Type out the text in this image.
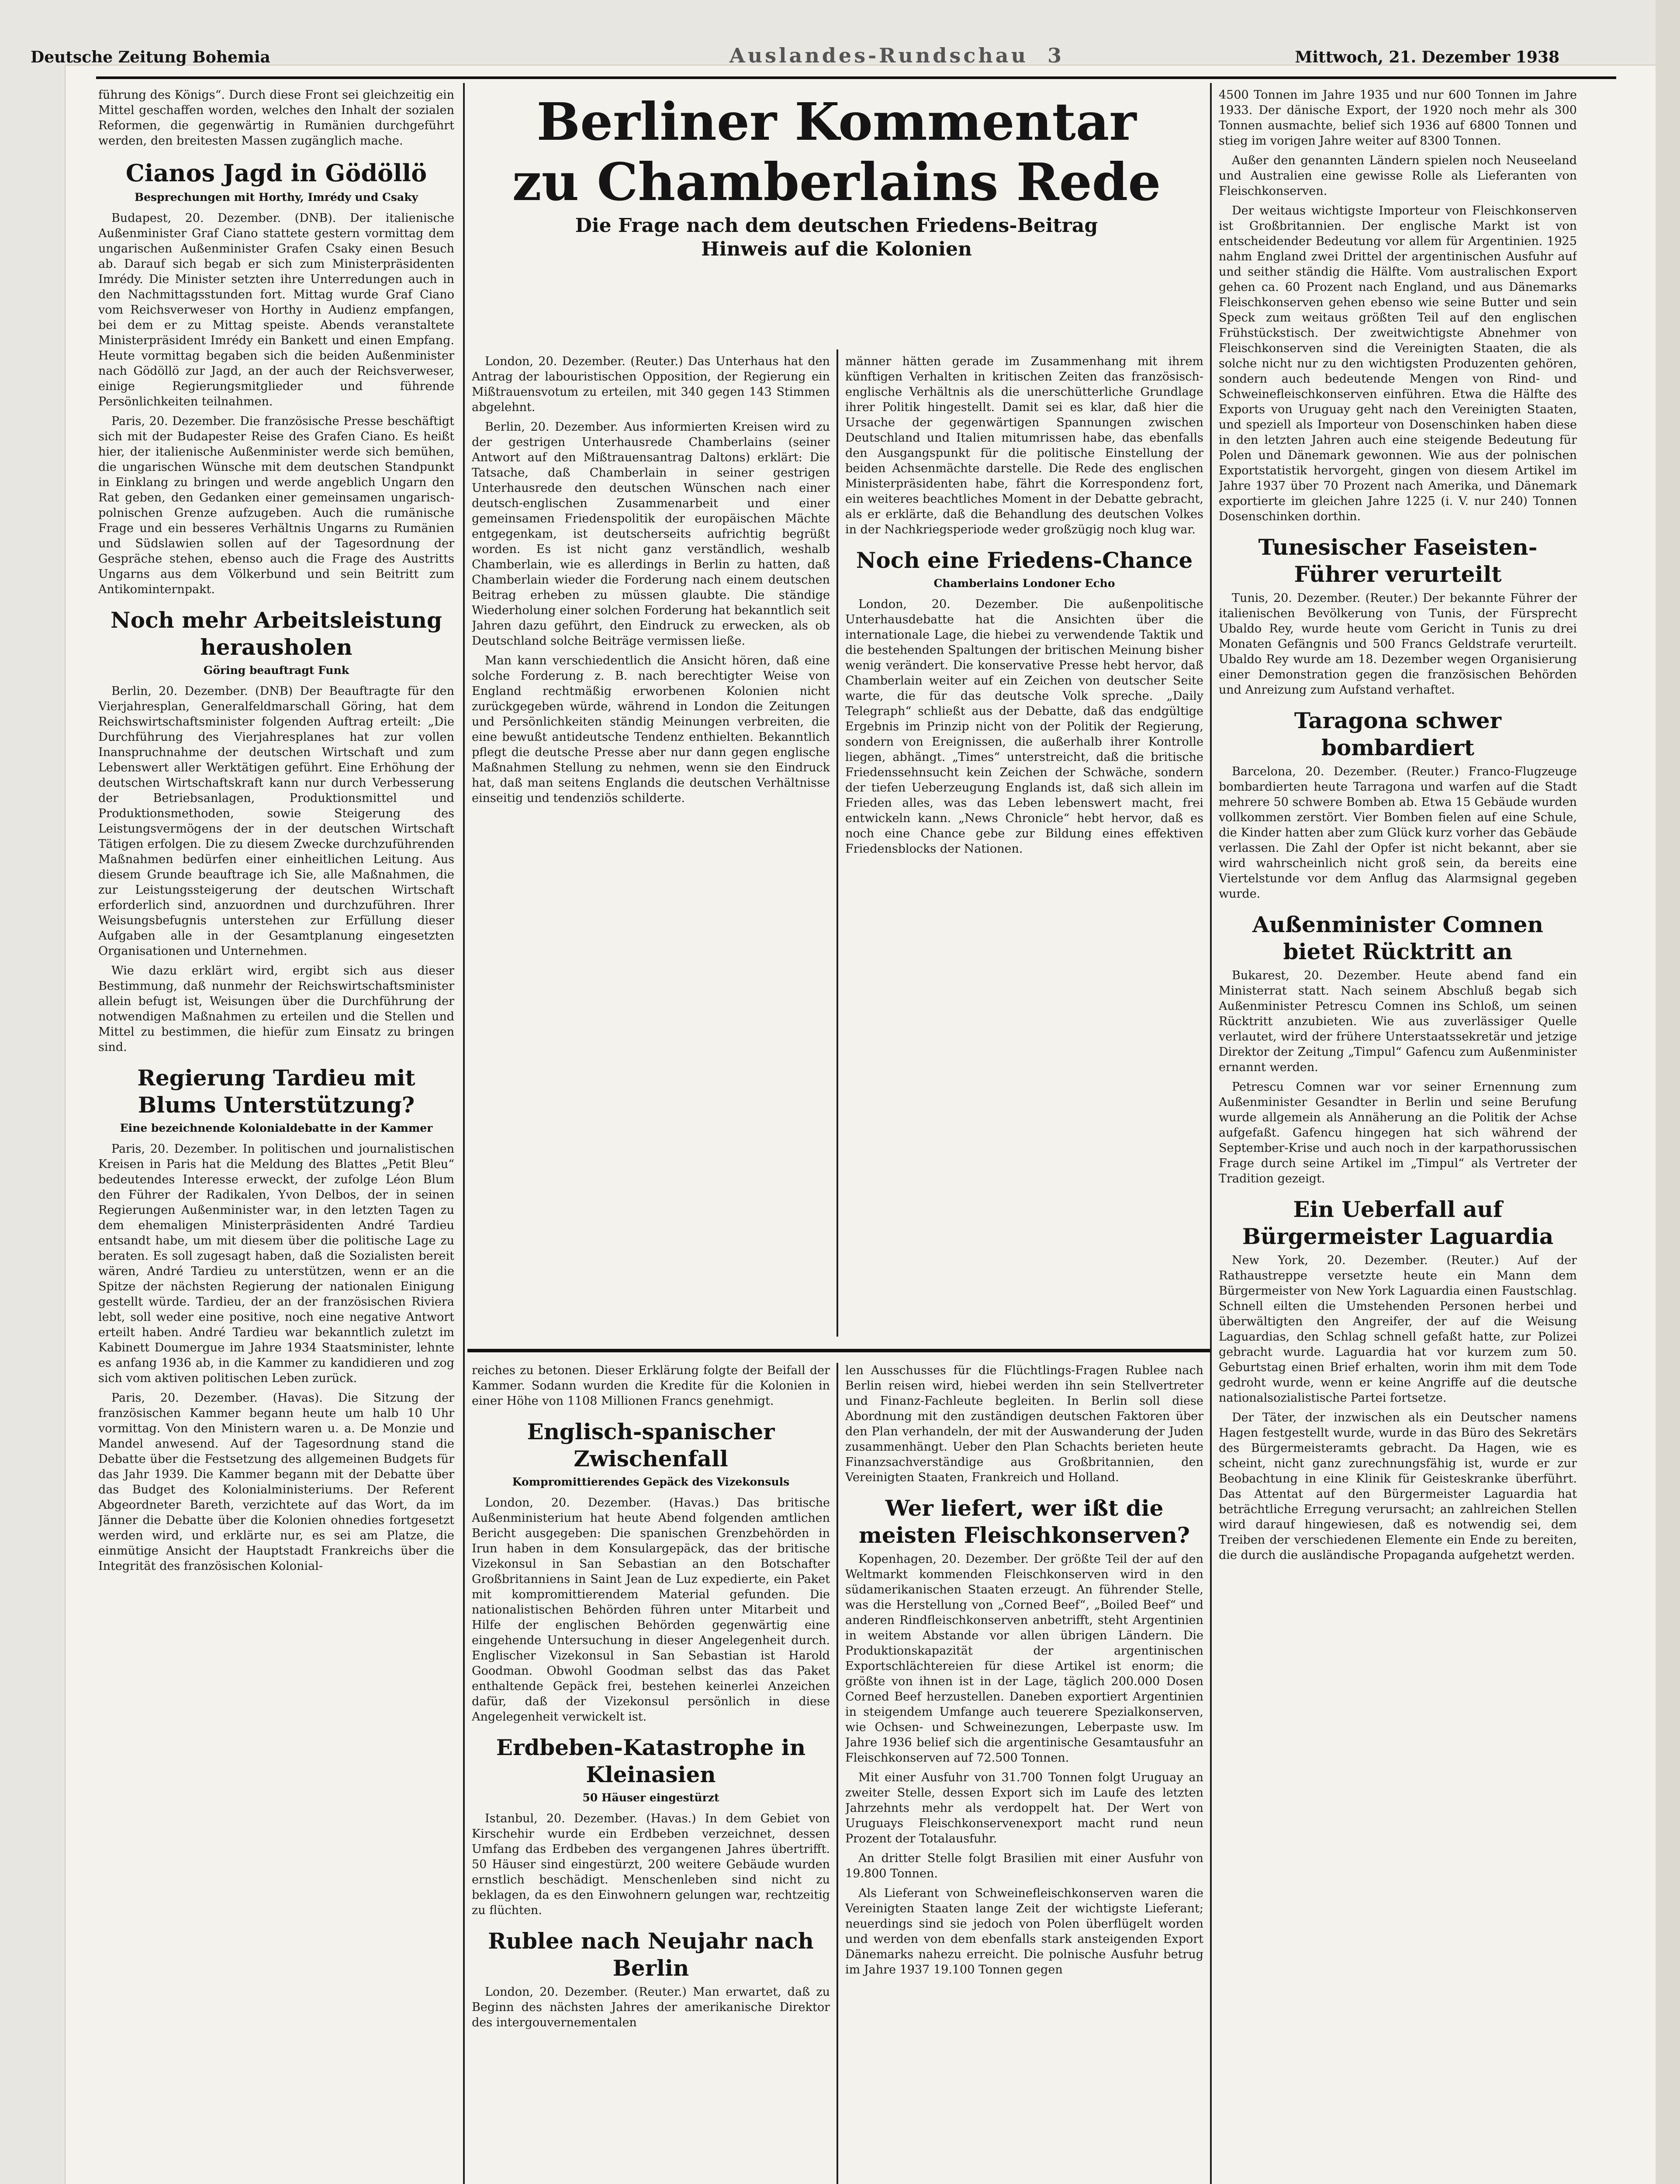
Deutsche Zeitung Bohemia	Auslandes-Rundschau 3	Mittwoch, 21. Dezember 1938
Berliner Kommentar
zu Chamberlains Rede
Die Frage nach dem deutschen Friedens-Beitrag
Hinweis auf die Kolonien

führung des Königs“. Durch diese Front sei gleichzeitig ein Mittel geschaffen worden, welches den Inhalt der sozialen Reformen, die gegenwärtig in Rumänien durchgeführt werden, den breitesten Massen zugänglich mache.

Cianos Jagd in Gödöllö
Besprechungen mit Horthy, Imrédy und Csaky

Budapest, 20. Dezember. (DNB). Der italienische Außenminister Graf Ciano stattete gestern vormittag dem ungarischen Außenminister Grafen Csaky einen Besuch ab. Darauf sich begab er sich zum Ministerpräsidenten Imrédy. Die Minister setzten ihre Unterredungen auch in den Nachmittagsstunden fort. Mittag wurde Graf Ciano vom Reichsverweser von Horthy in Audienz empfangen, bei dem er zu Mittag speiste. Abends veranstaltete Ministerpräsident Imrédy ein Bankett und einen Empfang. Heute vormittag begaben sich die beiden Außenminister nach Gödöllö zur Jagd, an der auch der Reichsverweser, einige Regierungsmitglieder und führende Persönlichkeiten teilnahmen.

Paris, 20. Dezember. Die französische Presse beschäftigt sich mit der Budapester Reise des Grafen Ciano. Es heißt hier, der italienische Außenminister werde sich bemühen, die ungarischen Wünsche mit dem deutschen Standpunkt in Einklang zu bringen und werde angeblich Ungarn den Rat geben, den Gedanken einer gemeinsamen ungarisch-polnischen Grenze aufzugeben. Auch die rumänische Frage und ein besseres Verhältnis Ungarns zu Rumänien und Südslawien sollen auf der Tagesordnung der Gespräche stehen, ebenso auch die Frage des Austritts Ungarns aus dem Völkerbund und sein Beitritt zum Antikominternpakt.

Noch mehr Arbeitsleistung herausholen
Göring beauftragt Funk

Berlin, 20. Dezember. (DNB) Der Beauftragte für den Vierjahresplan, Generalfeldmarschall Göring, hat dem Reichswirtschaftsminister folgenden Auftrag erteilt: „Die Durchführung des Vierjahresplanes hat zur vollen Inanspruchnahme der deutschen Wirtschaft und zum Lebenswert aller Werktätigen geführt. Eine Erhöhung der deutschen Wirtschaftskraft kann nur durch Verbesserung der Betriebsanlagen, Produktionsmittel und Produktionsmethoden, sowie Steigerung des Leistungsvermögens der in der deutschen Wirtschaft Tätigen erfolgen. Die zu diesem Zwecke durchzuführenden Maßnahmen bedürfen einer einheitlichen Leitung. Aus diesem Grunde beauftrage ich Sie, alle Maßnahmen, die zur Leistungssteigerung der deutschen Wirtschaft erforderlich sind, anzuordnen und durchzuführen. Ihrer Weisungsbefugnis unterstehen zur Erfüllung dieser Aufgaben alle in der Gesamtplanung eingesetzten Organisationen und Unternehmen.

Wie dazu erklärt wird, ergibt sich aus dieser Bestimmung, daß nunmehr der Reichswirtschaftsminister allein befugt ist, Weisungen über die Durchführung der notwendigen Maßnahmen zu erteilen und die Stellen und Mittel zu bestimmen, die hiefür zum Einsatz zu bringen sind.

Regierung Tardieu mit Blums Unterstützung?
Eine bezeichnende Kolonialdebatte in der Kammer

Paris, 20. Dezember. In politischen und journalistischen Kreisen in Paris hat die Meldung des Blattes „Petit Bleu“ bedeutendes Interesse erweckt, der zufolge Léon Blum den Führer der Radikalen, Yvon Delbos, der in seinen Regierungen Außenminister war, in den letzten Tagen zu dem ehemaligen Ministerpräsidenten André Tardieu entsandt habe, um mit diesem über die politische Lage zu beraten. Es soll zugesagt haben, daß die Sozialisten bereit wären, André Tardieu zu unterstützen, wenn er an die Spitze der nächsten Regierung der nationalen Einigung gestellt würde. Tardieu, der an der französischen Riviera lebt, soll weder eine positive, noch eine negative Antwort erteilt haben. André Tardieu war bekanntlich zuletzt im Kabinett Doumergue im Jahre 1934 Staatsminister, lehnte es anfang 1936 ab, in die Kammer zu kandidieren und zog sich vom aktiven politischen Leben zurück.

Paris, 20. Dezember. (Havas). Die Sitzung der französischen Kammer begann heute um halb 10 Uhr vormittag. Von den Ministern waren u. a. De Monzie und Mandel anwesend. Auf der Tagesordnung stand die Debatte über die Festsetzung des allgemeinen Budgets für das Jahr 1939. Die Kammer begann mit der Debatte über das Budget des Kolonialministeriums. Der Referent Abgeordneter Bareth, verzichtete auf das Wort, da im Jänner die Debatte über die Kolonien ohnedies fortgesetzt werden wird, und erklärte nur, es sei am Platze, die einmütige Ansicht der Hauptstadt Frankreichs über die Integrität des französischen Kolonial-

London, 20. Dezember. (Reuter.) Das Unterhaus hat den Antrag der labouristischen Opposition, der Regierung ein Mißtrauensvotum zu erteilen, mit 340 gegen 143 Stimmen abgelehnt.

Berlin, 20. Dezember. Aus informierten Kreisen wird zu der gestrigen Unterhausrede Chamberlains (seiner Antwort auf den Mißtrauensantrag Daltons) erklärt: Die Tatsache, daß Chamberlain in seiner gestrigen Unterhausrede den deutschen Wünschen nach einer deutsch-englischen Zusammenarbeit und einer gemeinsamen Friedenspolitik der europäischen Mächte entgegenkam, ist deutscherseits aufrichtig begrüßt worden. Es ist nicht ganz verständlich, weshalb Chamberlain, wie es allerdings in Berlin zu hatten, daß Chamberlain wieder die Forderung nach einem deutschen Beitrag erheben zu müssen glaubte. Die ständige Wiederholung einer solchen Forderung hat bekanntlich seit Jahren dazu geführt, den Eindruck zu erwecken, als ob Deutschland solche Beiträge vermissen ließe.

Man kann verschiedentlich die Ansicht hören, daß eine solche Forderung z. B. nach berechtigter Weise von England rechtmäßig erworbenen Kolonien nicht zurückgegeben würde, während in London die Zeitungen und Persönlichkeiten ständig Meinungen verbreiten, die eine bewußt antideutsche Tendenz enthielten. Bekanntlich pflegt die deutsche Presse aber nur dann gegen englische Maßnahmen Stellung zu nehmen, wenn sie den Eindruck hat, daß man seitens Englands die deutschen Verhältnisse einseitig und tendenziös schilderte.

männer hätten gerade im Zusammenhang mit ihrem künftigen Verhalten in kritischen Zeiten das französisch-englische Verhältnis als die unerschütterliche Grundlage ihrer Politik hingestellt. Damit sei es klar, daß hier die Ursache der gegenwärtigen Spannungen zwischen Deutschland und Italien mitumrissen habe, das ebenfalls den Ausgangspunkt für die politische Einstellung der beiden Achsenmächte darstelle. Die Rede des englischen Ministerpräsidenten habe, fährt die Korrespondenz fort, ein weiteres beachtliches Moment in der Debatte gebracht, als er erklärte, daß die Behandlung des deutschen Volkes in der Nachkriegsperiode weder großzügig noch klug war.

Noch eine Friedens-Chance
Chamberlains Londoner Echo

London, 20. Dezember. Die außenpolitische Unterhausdebatte hat die Ansichten über die internationale Lage, die hiebei zu verwendende Taktik und die bestehenden Spaltungen der britischen Meinung bisher wenig verändert. Die konservative Presse hebt hervor, daß Chamberlain weiter auf ein Zeichen von deutscher Seite warte, die für das deutsche Volk spreche. „Daily Telegraph“ schließt aus der Debatte, daß das endgültige Ergebnis im Prinzip nicht von der Politik der Regierung, sondern von Ereignissen, die außerhalb ihrer Kontrolle liegen, abhängt. „Times“ unterstreicht, daß die britische Friedenssehnsucht kein Zeichen der Schwäche, sondern der tiefen Ueberzeugung Englands ist, daß sich allein im Frieden alles, was das Leben lebenswert macht, frei entwickeln kann. „News Chronicle“ hebt hervor, daß es noch eine Chance gebe zur Bildung eines effektiven Friedensblocks der Nationen.

reiches zu betonen. Dieser Erklärung folgte der Beifall der Kammer. Sodann wurden die Kredite für die Kolonien in einer Höhe von 1108 Millionen Francs genehmigt.

Englisch-spanischer Zwischenfall
Kompromittierendes Gepäck des Vizekonsuls

London, 20. Dezember. (Havas.) Das britische Außenministerium hat heute Abend folgenden amtlichen Bericht ausgegeben: Die spanischen Grenzbehörden in Irun haben in dem Konsulargepäck, das der britische Vizekonsul in San Sebastian an den Botschafter Großbritanniens in Saint Jean de Luz expedierte, ein Paket mit kompromittierendem Material gefunden. Die nationalistischen Behörden führen unter Mitarbeit und Hilfe der englischen Behörden gegenwärtig eine eingehende Untersuchung in dieser Angelegenheit durch. Englischer Vizekonsul in San Sebastian ist Harold Goodman. Obwohl Goodman selbst das das Paket enthaltende Gepäck frei, bestehen keinerlei Anzeichen dafür, daß der Vizekonsul persönlich in diese Angelegenheit verwickelt ist.

Erdbeben-Katastrophe in Kleinasien
50 Häuser eingestürzt

Istanbul, 20. Dezember. (Havas.) In dem Gebiet von Kirschehir wurde ein Erdbeben verzeichnet, dessen Umfang das Erdbeben des vergangenen Jahres übertrifft. 50 Häuser sind eingestürzt, 200 weitere Gebäude wurden ernstlich beschädigt. Menschenleben sind nicht zu beklagen, da es den Einwohnern gelungen war, rechtzeitig zu flüchten.

Rublee nach Neujahr nach Berlin

London, 20. Dezember. (Reuter.) Man erwartet, daß zu Beginn des nächsten Jahres der amerikanische Direktor des intergouvernementalen

len Ausschusses für die Flüchtlings-Fragen Rublee nach Berlin reisen wird, hiebei werden ihn sein Stellvertreter und Finanz-Fachleute begleiten. In Berlin soll diese Abordnung mit den zuständigen deutschen Faktoren über den Plan verhandeln, der mit der Auswanderung der Juden zusammenhängt. Ueber den Plan Schachts berieten heute Finanzsachverständige aus Großbritannien, den Vereinigten Staaten, Frankreich und Holland.

Wer liefert, wer ißt die meisten Fleischkonserven?

Kopenhagen, 20. Dezember. Der größte Teil der auf den Weltmarkt kommenden Fleischkonserven wird in den südamerikanischen Staaten erzeugt. An führender Stelle, was die Herstellung von „Corned Beef“, „Boiled Beef“ und anderen Rindfleischkonserven anbetrifft, steht Argentinien in weitem Abstande vor allen übrigen Ländern. Die Produktionskapazität der argentinischen Exportschlächtereien für diese Artikel ist enorm; die größte von ihnen ist in der Lage, täglich 200.000 Dosen Corned Beef herzustellen. Daneben exportiert Argentinien in steigendem Umfange auch teuerere Spezialkonserven, wie Ochsen- und Schweinezungen, Leberpaste usw. Im Jahre 1936 belief sich die argentinische Gesamtausfuhr an Fleischkonserven auf 72.500 Tonnen.

Mit einer Ausfuhr von 31.700 Tonnen folgt Uruguay an zweiter Stelle, dessen Export sich im Laufe des letzten Jahrzehnts mehr als verdoppelt hat. Der Wert von Uruguays Fleischkonservenexport macht rund neun Prozent der Totalausfuhr.

An dritter Stelle folgt Brasilien mit einer Ausfuhr von 19.800 Tonnen.

Als Lieferant von Schweinefleischkonserven waren die Vereinigten Staaten lange Zeit der wichtigste Lieferant; neuerdings sind sie jedoch von Polen überflügelt worden und werden von dem ebenfalls stark ansteigenden Export Dänemarks nahezu erreicht. Die polnische Ausfuhr betrug im Jahre 1937 19.100 Tonnen gegen

4500 Tonnen im Jahre 1935 und nur 600 Tonnen im Jahre 1933. Der dänische Export, der 1920 noch mehr als 300 Tonnen ausmachte, belief sich 1936 auf 6800 Tonnen und stieg im vorigen Jahre weiter auf 8300 Tonnen.

Außer den genannten Ländern spielen noch Neuseeland und Australien eine gewisse Rolle als Lieferanten von Fleischkonserven.

Der weitaus wichtigste Importeur von Fleischkonserven ist Großbritannien. Der englische Markt ist von entscheidender Bedeutung vor allem für Argentinien. 1925 nahm England zwei Drittel der argentinischen Ausfuhr auf und seither ständig die Hälfte. Vom australischen Export gehen ca. 60 Prozent nach England, und aus Dänemarks Fleischkonserven gehen ebenso wie seine Butter und sein Speck zum weitaus größten Teil auf den englischen Frühstückstisch. Der zweitwichtigste Abnehmer von Fleischkonserven sind die Vereinigten Staaten, die als solche nicht nur zu den wichtigsten Produzenten gehören, sondern auch bedeutende Mengen von Rind- und Schweinefleischkonserven einführen. Etwa die Hälfte des Exports von Uruguay geht nach den Vereinigten Staaten, und speziell als Importeur von Dosenschinken haben diese in den letzten Jahren auch eine steigende Bedeutung für Polen und Dänemark gewonnen. Wie aus der polnischen Exportstatistik hervorgeht, gingen von diesem Artikel im Jahre 1937 über 70 Prozent nach Amerika, und Dänemark exportierte im gleichen Jahre 1225 (i. V. nur 240) Tonnen Dosenschinken dorthin.

Tunesischer Faseisten-Führer verurteilt

Tunis, 20. Dezember. (Reuter.) Der bekannte Führer der italienischen Bevölkerung von Tunis, der Fürsprecht Ubaldo Rey, wurde heute vom Gericht in Tunis zu drei Monaten Gefängnis und 500 Francs Geldstrafe verurteilt. Ubaldo Rey wurde am 18. Dezember wegen Organisierung einer Demonstration gegen die französischen Behörden und Anreizung zum Aufstand verhaftet.

Taragona schwer bombardiert

Barcelona, 20. Dezember. (Reuter.) Franco-Flugzeuge bombardierten heute Tarragona und warfen auf die Stadt mehrere 50 schwere Bomben ab. Etwa 15 Gebäude wurden vollkommen zerstört. Vier Bomben fielen auf eine Schule, die Kinder hatten aber zum Glück kurz vorher das Gebäude verlassen. Die Zahl der Opfer ist nicht bekannt, aber sie wird wahrscheinlich nicht groß sein, da bereits eine Viertelstunde vor dem Anflug das Alarmsignal gegeben wurde.

Außenminister Comnen bietet Rücktritt an

Bukarest, 20. Dezember. Heute abend fand ein Ministerrat statt. Nach seinem Abschluß begab sich Außenminister Petrescu Comnen ins Schloß, um seinen Rücktritt anzubieten. Wie aus zuverlässiger Quelle verlautet, wird der frühere Unterstaatssekretär und jetzige Direktor der Zeitung „Timpul“ Gafencu zum Außenminister ernannt werden.

Petrescu Comnen war vor seiner Ernennung zum Außenminister Gesandter in Berlin und seine Berufung wurde allgemein als Annäherung an die Politik der Achse aufgefaßt. Gafencu hingegen hat sich während der September-Krise und auch noch in der karpathorussischen Frage durch seine Artikel im „Timpul“ als Vertreter der Tradition gezeigt.

Ein Ueberfall auf Bürgermeister Laguardia

New York, 20. Dezember. (Reuter.) Auf der Rathaustreppe versetzte heute ein Mann dem Bürgermeister von New York Laguardia einen Faustschlag. Schnell eilten die Umstehenden Personen herbei und überwältigten den Angreifer, der auf die Weisung Laguardias, den Schlag schnell gefaßt hatte, zur Polizei gebracht wurde. Laguardia hat vor kurzem zum 50. Geburtstag einen Brief erhalten, worin ihm mit dem Tode gedroht wurde, wenn er keine Angriffe auf die deutsche nationalsozialistische Partei fortsetze.

Der Täter, der inzwischen als ein Deutscher namens Hagen festgestellt wurde, wurde in das Büro des Sekretärs des Bürgermeisteramts gebracht. Da Hagen, wie es scheint, nicht ganz zurechnungsfähig ist, wurde er zur Beobachtung in eine Klinik für Geisteskranke überführt. Das Attentat auf den Bürgermeister Laguardia hat beträchtliche Erregung verursacht; an zahlreichen Stellen wird darauf hingewiesen, daß es notwendig sei, dem Treiben der verschiedenen Elemente ein Ende zu bereiten, die durch die ausländische Propaganda aufgehetzt werden.
